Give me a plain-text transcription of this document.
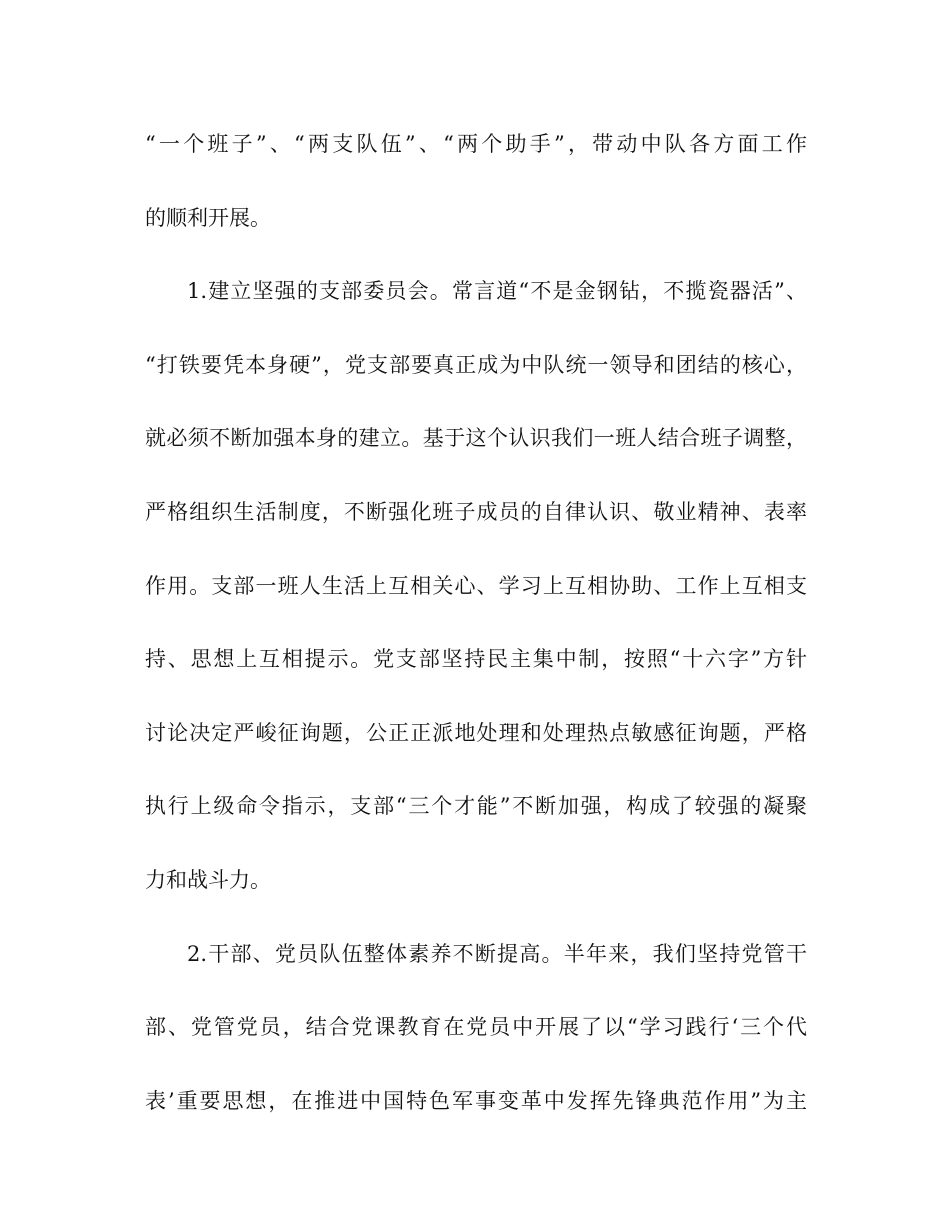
“一个班子”、“两支队伍”、“两个助手”，带动中队各方面工作
的顺利开展。
1.建立坚强的支部委员会。常言道“不是金钢钻，不揽瓷器活”、
“打铁要凭本身硬”，党支部要真正成为中队统一领导和团结的核心，
就必须不断加强本身的建立。基于这个认识我们一班人结合班子调整，
严格组织生活制度，不断强化班子成员的自律认识、敬业精神、表率
作用。支部一班人生活上互相关心、学习上互相协助、工作上互相支
持、思想上互相提示。党支部坚持民主集中制，按照“十六字”方针
讨论决定严峻征询题，公正正派地处理和处理热点敏感征询题，严格
执行上级命令指示，支部“三个才能”不断加强，构成了较强的凝聚
力和战斗力。
2.干部、党员队伍整体素养不断提高。半年来，我们坚持党管干
部、党管党员，结合党课教育在党员中开展了以“学习践行‘三个代
表’重要思想，在推进中国特色军事变革中发挥先锋典范作用”为主
